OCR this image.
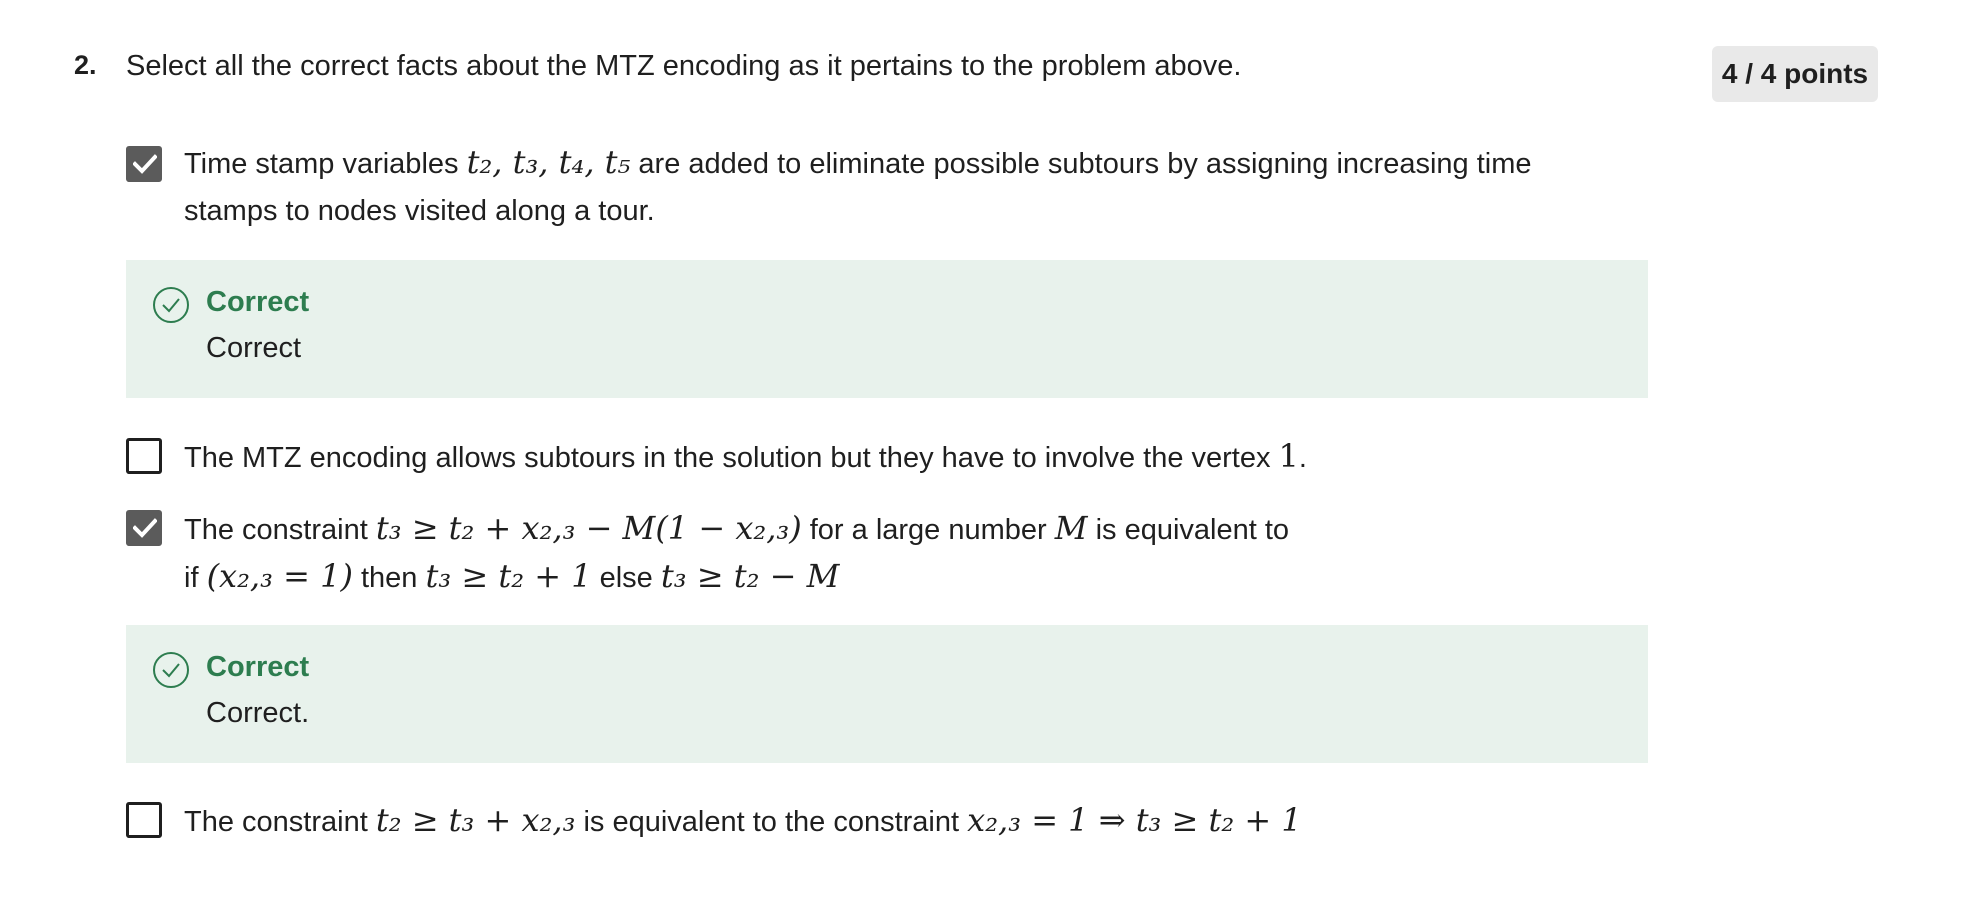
2. Select all the correct facts about the MTZ encoding as it pertains to the problem above.	4 / 4 points
Time stamp variables t₂, t₃, t₄, t₅ are added to eliminate possible subtours by assigning increasing time
stamps to nodes visited along a tour.
Correct
Correct
The MTZ encoding allows subtours in the solution but they have to involve the vertex 1.
The constraint t₃ ≥ t₂ + x₂,₃ − M(1 − x₂,₃) for a large number M is equivalent to
if (x₂,₃ = 1) then t₃ ≥ t₂ + 1 else t₃ ≥ t₂ − M
Correct
Correct.
The constraint t₂ ≥ t₃ + x₂,₃ is equivalent to the constraint x₂,₃ = 1 ⇒ t₃ ≥ t₂ + 1
